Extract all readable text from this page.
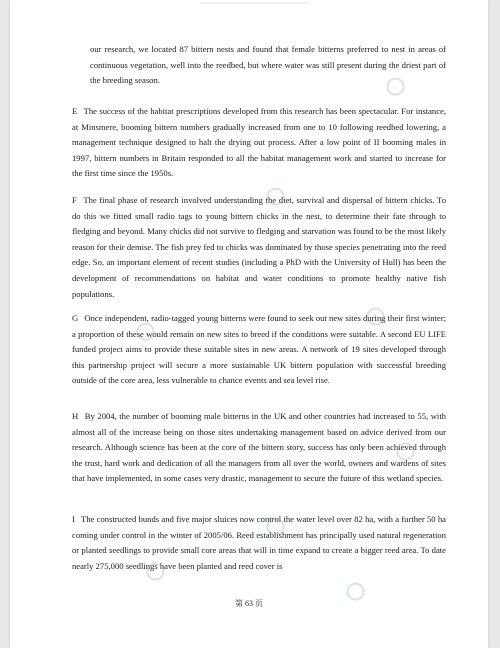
our research, we located 87 bittern nests and found that female bitterns preferred to nest in areas of continuous vegetation, well into the reedbed, but where water was still present during the driest part of the breeding season.
E The success of the habitat prescriptions developed from this research has been spectacular. For instance, at Minsmere, booming bittern numbers gradually increased from one to 10 following reedbed lowering, a management technique designed to halt the drying out process. After a low point of II booming males in 1997, bittern numbers in Britain responded to all the habitat management work and started to increase for the first time since the 1950s.
F The final phase of research involved understanding the diet, survival and dispersal of bittern chicks. To do this we fitted small radio tags to young bittern chicks in the nest, to determine their fate through to fledging and beyond. Many chicks did not survive to fledging and starvation was found to be the most likely reason for their demise. The fish prey fed to chicks was dominated by those species penetrating into the reed edge. So, an important element of recent studies (including a PhD with the University of Hull) has been the development of recommendations on habitat and water conditions to promote healthy native fish populations.
G Once independent, radio-tagged young bitterns were found to seek out new sites during their first winter; a proportion of these would remain on new sites to breed if the conditions were suitable. A second EU LIFE funded project aims to provide these suitable sites in new areas. A network of 19 sites developed through this partnership project will secure a more sustainable UK bittern population with successful breeding outside of the core area, less vulnerable to chance events and sea level rise.
H By 2004, the number of booming male bitterns in the UK and other countries had increased to 55, with almost all of the increase being on those sites undertaking management based on advice derived from our research. Although science has been at the core of the bittern story, success has only been achieved through the trust, hard work and dedication of all the managers from all over the world, owners and wardens of sites that have implemented, in some cases very drastic, management to secure the future of this wetland species.
I The constructed bunds and five major sluices now control the water level over 82 ha, with a further 50 ha coming under control in the winter of 2005/06. Reed establishment has principally used natural regeneration or planted seedlings to provide small core areas that will in time expand to create a bigger reed area. To date nearly 275,000 seedlings have been planted and reed cover is
第 63 页
